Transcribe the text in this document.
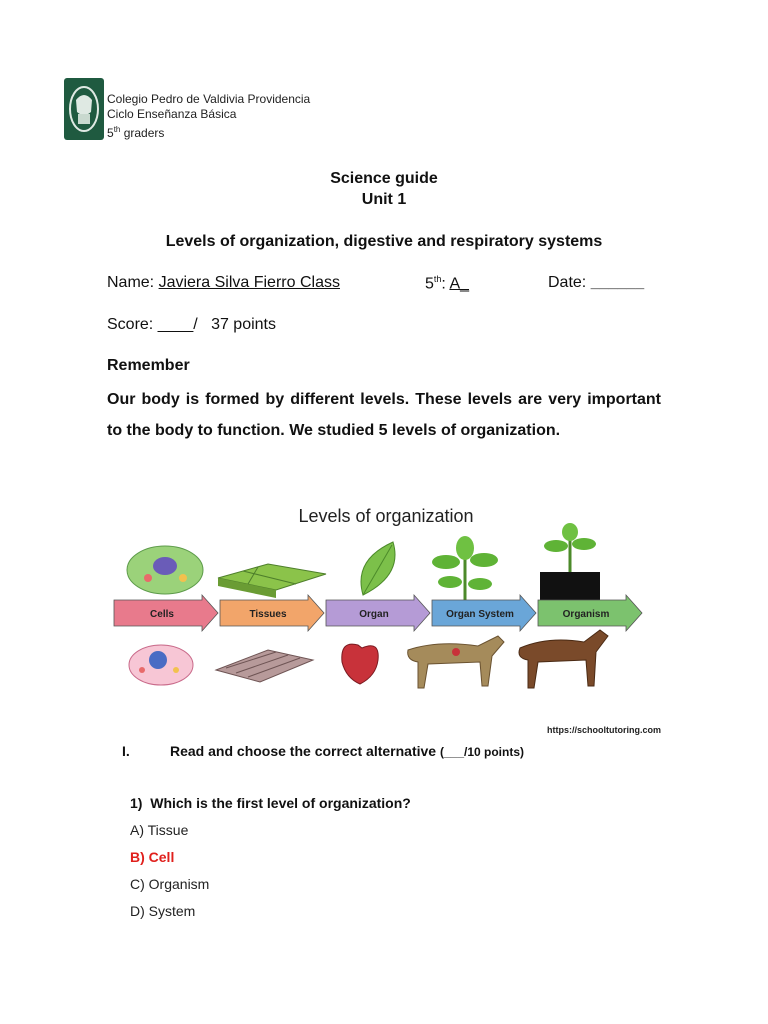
Colegio Pedro de Valdivia Providencia
Ciclo Enseñanza Básica
5th graders
Science guide
Unit 1
Levels of organization, digestive and respiratory systems
Name: Javiera Silva Fierro Class	5th: A_	Date: ______
Score: ____/   37 points
Remember
Our body is formed by different levels. These levels are very important to the body to function. We studied 5 levels of organization.
Levels of organization
Cells	Tissues	Organ	Organ System	Organism
https://schooltutoring.com
I.	Read and choose the correct alternative (___/10 points)
1)  Which is the first level of organization?
A) Tissue
B) Cell
C) Organism
D) System
